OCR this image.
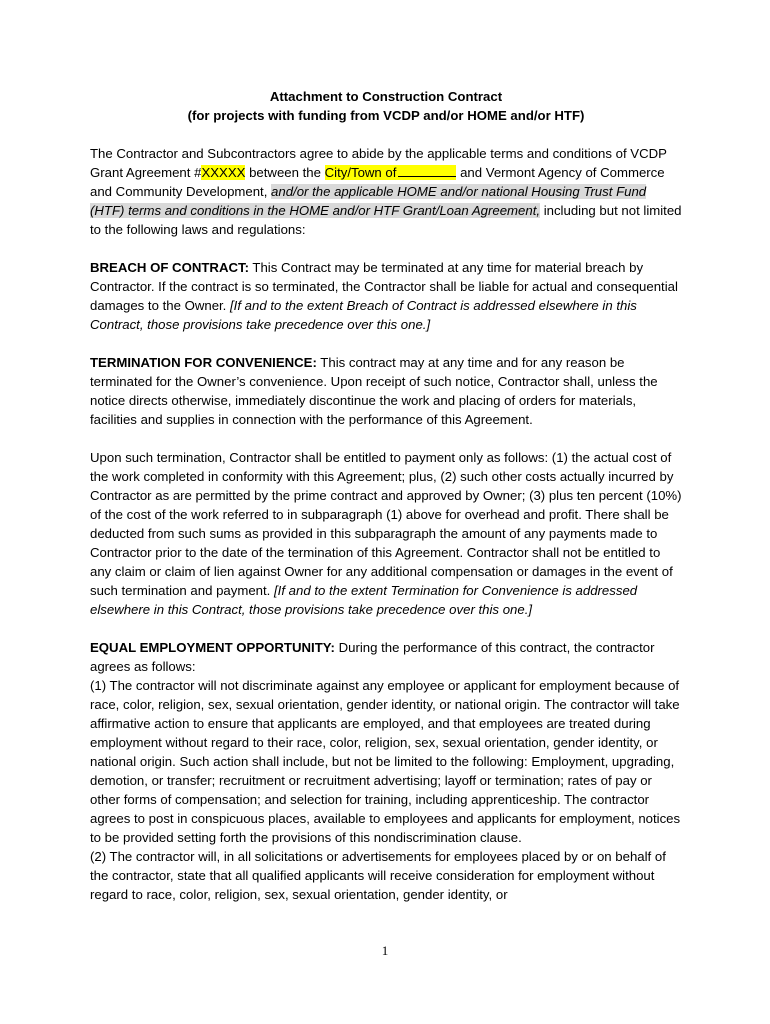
Attachment to Construction Contract

(for projects with funding from VCDP and/or HOME and/or HTF)

The Contractor and Subcontractors agree to abide by the applicable terms and conditions of VCDP Grant Agreement #XXXXX between the City/Town of	and Vermont Agency of Commerce and Community Development, and/or the applicable HOME and/or national Housing Trust Fund (HTF) terms and conditions in the HOME and/or HTF Grant/Loan Agreement, including but not limited to the following laws and regulations:

BREACH OF CONTRACT: This Contract may be terminated at any time for material breach by Contractor. If the contract is so terminated, the Contractor shall be liable for actual and consequential damages to the Owner. [If and to the extent Breach of Contract is addressed elsewhere in this Contract, those provisions take precedence over this one.]

TERMINATION FOR CONVENIENCE: This contract may at any time and for any reason be terminated for the Owner’s convenience. Upon receipt of such notice, Contractor shall, unless the notice directs otherwise, immediately discontinue the work and placing of orders for materials, facilities and supplies in connection with the performance of this Agreement.

Upon such termination, Contractor shall be entitled to payment only as follows: (1) the actual cost of the work completed in conformity with this Agreement; plus, (2) such other costs actually incurred by Contractor as are permitted by the prime contract and approved by Owner; (3) plus ten percent (10%) of the cost of the work referred to in subparagraph (1) above for overhead and profit. There shall be deducted from such sums as provided in this subparagraph the amount of any payments made to Contractor prior to the date of the termination of this Agreement. Contractor shall not be entitled to any claim or claim of lien against Owner for any additional compensation or damages in the event of such termination and payment. [If and to the extent Termination for Convenience is addressed elsewhere in this Contract, those provisions take precedence over this one.]

EQUAL EMPLOYMENT OPPORTUNITY: During the performance of this contract, the contractor agrees as follows:

(1) The contractor will not discriminate against any employee or applicant for employment because of race, color, religion, sex, sexual orientation, gender identity, or national origin. The contractor will take affirmative action to ensure that applicants are employed, and that employees are treated during employment without regard to their race, color, religion, sex, sexual orientation, gender identity, or national origin. Such action shall include, but not be limited to the following: Employment, upgrading, demotion, or transfer; recruitment or recruitment advertising; layoff or termination; rates of pay or other forms of compensation; and selection for training, including apprenticeship. The contractor agrees to post in conspicuous places, available to employees and applicants for employment, notices to be provided setting forth the provisions of this nondiscrimination clause.

(2) The contractor will, in all solicitations or advertisements for employees placed by or on behalf of the contractor, state that all qualified applicants will receive consideration for employment without regard to race, color, religion, sex, sexual orientation, gender identity, or

1
